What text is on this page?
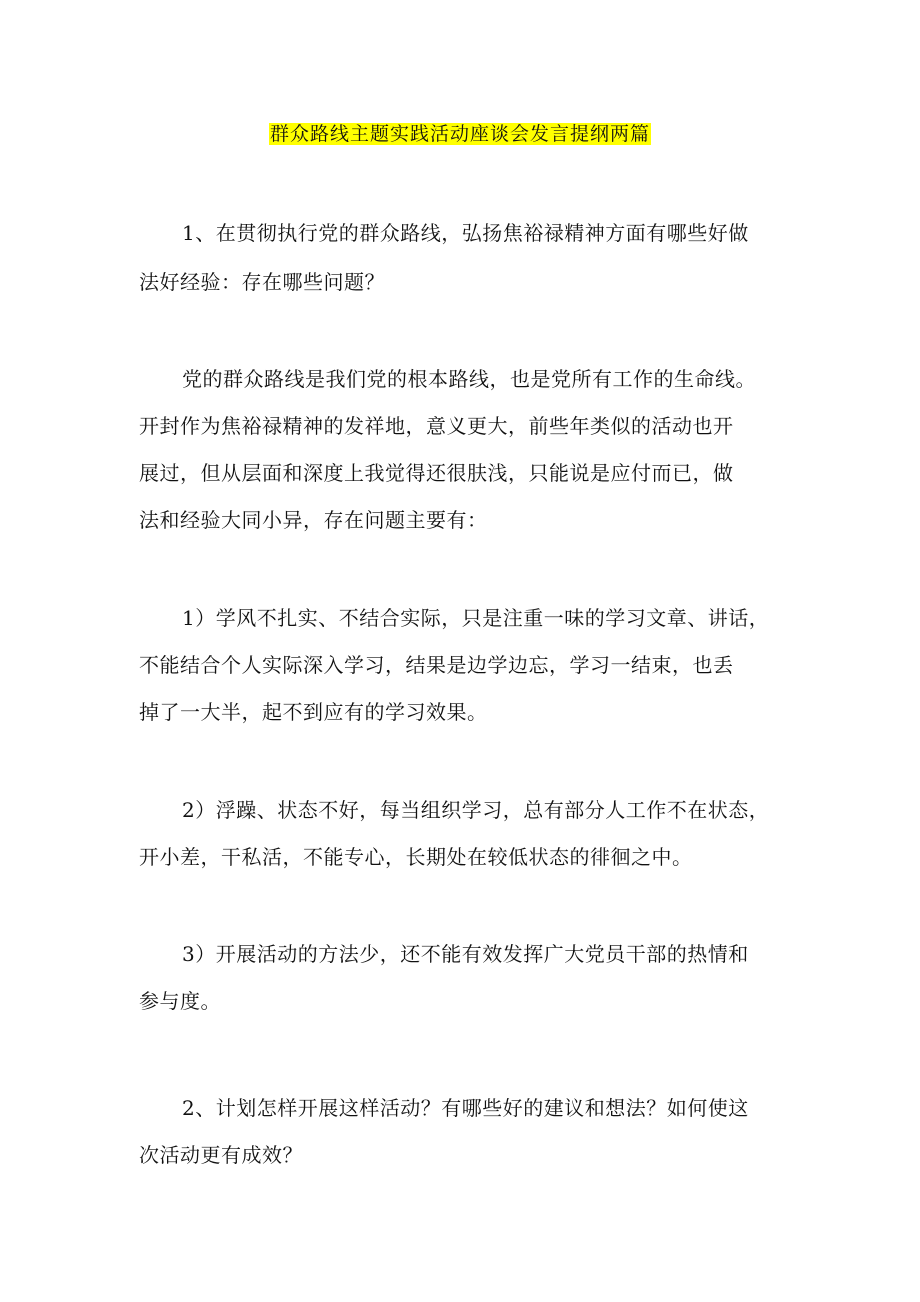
群众路线主题实践活动座谈会发言提纲两篇
1、在贯彻执行党的群众路线，弘扬焦裕禄精神方面有哪些好做
法好经验：存在哪些问题？
党的群众路线是我们党的根本路线，也是党所有工作的生命线。
开封作为焦裕禄精神的发祥地，意义更大，前些年类似的活动也开
展过，但从层面和深度上我觉得还很肤浅，只能说是应付而已，做
法和经验大同小异，存在问题主要有：
1）学风不扎实、不结合实际，只是注重一味的学习文章、讲话，
不能结合个人实际深入学习，结果是边学边忘，学习一结束，也丢
掉了一大半，起不到应有的学习效果。
2）浮躁、状态不好，每当组织学习，总有部分人工作不在状态，
开小差，干私活，不能专心，长期处在较低状态的徘徊之中。
3）开展活动的方法少，还不能有效发挥广大党员干部的热情和
参与度。
2、计划怎样开展这样活动？有哪些好的建议和想法？如何使这
次活动更有成效？
